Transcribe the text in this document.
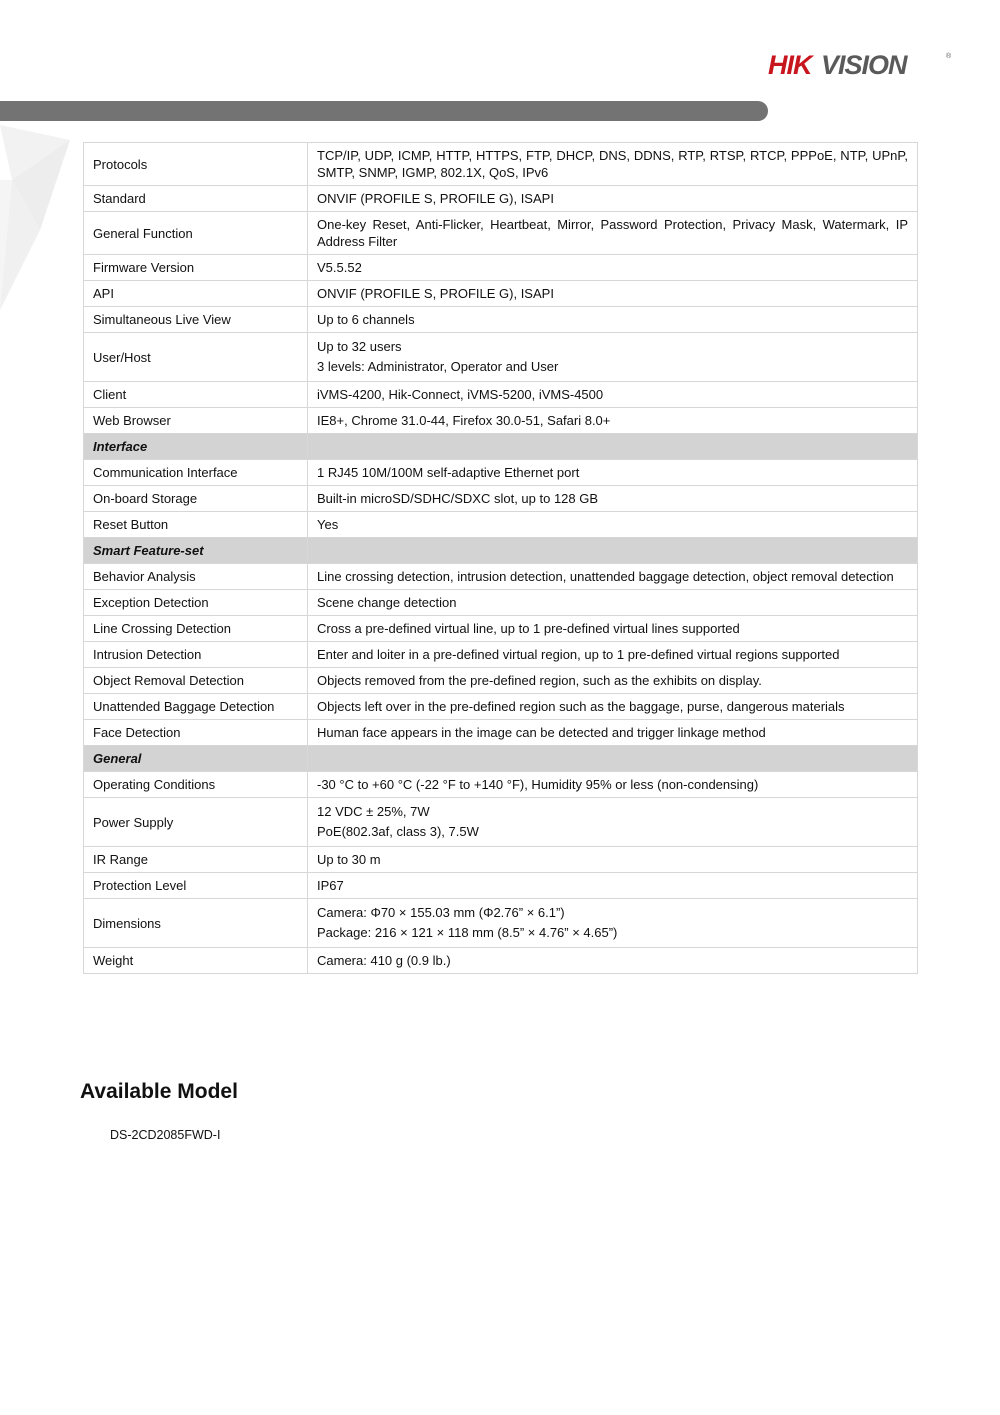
HIK VISION	®
Protocols	TCP/IP, UDP, ICMP, HTTP, HTTPS, FTP, DHCP, DNS, DDNS, RTP, RTSP, RTCP, PPPoE, NTP, UPnP, SMTP, SNMP, IGMP, 802.1X, QoS, IPv6

Standard	ONVIF (PROFILE S, PROFILE G), ISAPI

General Function	One-key Reset, Anti-Flicker, Heartbeat, Mirror, Password Protection, Privacy Mask, Watermark, IP Address Filter

Firmware Version	V5.5.52

API	ONVIF (PROFILE S, PROFILE G), ISAPI

Simultaneous Live View	Up to 6 channels

User/Host	Up to 32 users
3 levels: Administrator, Operator and User

Client	iVMS-4200, Hik-Connect, iVMS-5200, iVMS-4500

Web Browser	IE8+, Chrome 31.0-44, Firefox 30.0-51, Safari 8.0+

Interface	
Communication Interface	1 RJ45 10M/100M self-adaptive Ethernet port

On-board Storage	Built-in microSD/SDHC/SDXC slot, up to 128 GB

Reset Button	Yes

Smart Feature-set	
Behavior Analysis	Line crossing detection, intrusion detection, unattended baggage detection, object removal detection

Exception Detection	Scene change detection

Line Crossing Detection	Cross a pre-defined virtual line, up to 1 pre-defined virtual lines supported

Intrusion Detection	Enter and loiter in a pre-defined virtual region, up to 1 pre-defined virtual regions supported

Object Removal Detection	Objects removed from the pre-defined region, such as the exhibits on display.

Unattended Baggage Detection	Objects left over in the pre-defined region such as the baggage, purse, dangerous materials

Face Detection	Human face appears in the image can be detected and trigger linkage method

General	
Operating Conditions	-30 °C to +60 °C (-22 °F to +140 °F), Humidity 95% or less (non-condensing)

Power Supply	12 VDC ± 25%, 7W
PoE(802.3af, class 3), 7.5W

IR Range	Up to 30 m

Protection Level	IP67

Dimensions	Camera: Φ70 × 155.03 mm (Φ2.76” × 6.1”)
Package: 216 × 121 × 118 mm (8.5” × 4.76” × 4.65”)

Weight	Camera: 410 g (0.9 lb.)
Available Model
DS-2CD2085FWD-I
